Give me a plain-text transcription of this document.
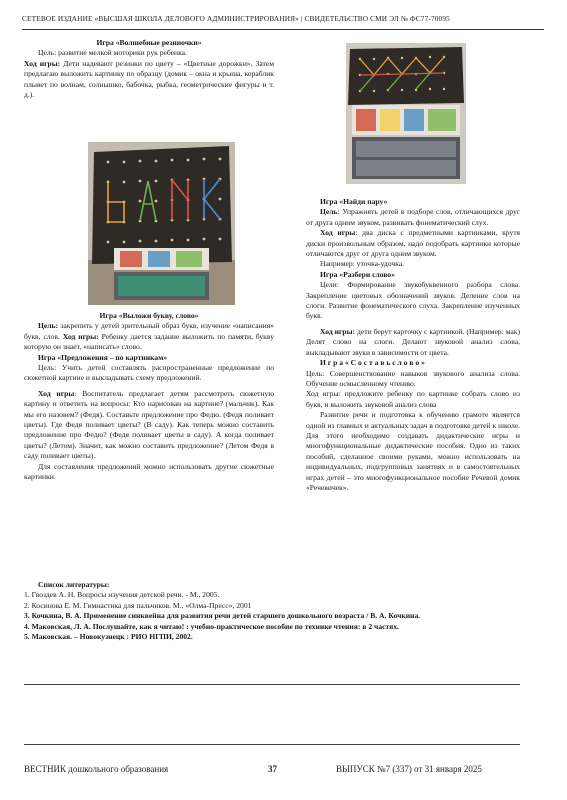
СЕТЕВОЕ ИЗДАНИЕ «ВЫСШАЯ ШКОЛА ДЕЛОВОГО АДМИНИСТРИРОВАНИЯ» | СВИДЕТЕЛЬСТВО СМИ ЭЛ № ФС77-70095

Игра «Волшебные резиночки»

Цель: развитие мелкой моторики рук ребенка.

Ход игры: Дети надевают резинки по цвету – «Цветные дорожки». Затем предлагаю выложить картинку по образцу (домик – окна и крыша, кораблик плывет по волнам, солнышко, бабочка, рыбка, геометрические фигуры и т. д.).

Игра «Выложи букву, слово»

Цель: закрепить у детей зрительный образ букв, изучение «написания» букв, слов. Ход игры: Ребенку дается задание выложить по памяти, букву которую он знает, «написать» слово.

Игра «Предложения – по картинкам»

Цель: Учить детей составлять распространенные предложение по сюжетной картине и выкладывать схему предложений.

Ход игры: Воспитатель предлагает детям рассмотреть сюжетную картину и ответить на вопросы: Кто нарисован на картине? (мальчик). Как мы его назовем? (Федя). Составьте предложение про Федю. (Федя поливает цветы). Где Федя поливает цветы? (В саду). Как теперь можно составить предложение про Федю? (Федя поливает цветы в саду). А когда поливает цветы? (Летом). Значит, как можно составить предложение? (Летом Федя в саду поливает цветы).

Для составления предложений можно использовать другие сюжетные картинки.

Игра «Найди пару»

Цель: Упражнять детей в подборе слов, отличающихся друг от друга одним звуком, развивать фонематический слух.

Ход игры: два диска с предметными картинками, крутя диски произвольным образом, надо подобрать картинки которые отличаются друг от друга одним звуком.

Например: уточка-удочка.

Игра «Разбери слово»

Цели: Формирование звукобуквенного разбора слова. Закрепление цветовых обозначений звуков. Деление слов на слоги. Развитие фонематического слуха. Закрепление изученных букв.

Ход игры: дети берут карточку с картинкой. (Например: мак) Делят слово на слоги. Делают звуковой анализ слова, выкладывают звуки в зависимости от цвета.

И г р а « С о с т а в ь с л о в о »

Цель: Совершенствование навыков звукового анализа слова. Обучение осмысленному чтению.

Ход игры: предложите ребенку по картинке собрать слово из букв, и выложить звуковой анализ слова

Развитие речи и подготовка к обучению грамоте является одной из главных и актуальных задач в подготовке детей к школе. Для этого необходимо создавать дидактические игры и многофункциональные дидактические пособия. Одно из таких пособий, сделанное своими руками, можно использовать на индивидуальных, подгрупповых занятиях и в самостоятельных играх детей – это многофункциональное пособие Речевой домик «Речевичек».

Список литературы:

1. Гвоздев А. Н. Вопросы изучения детской речи. - М., 2005.

2. Косинова Е. М. Гимнастика для пальчиков. М., «Олма-Пресс», 2001

3. Кочкина, В. А. Применение синквейна для развития речи детей старшего дошкольного возраста / В. А. Кочкина.

4. Маковская, Л. А. Послушайте, как я читаю! : учебно-практическое пособие по технике чтения: в 2 частях.

5. Маковская. – Новокузнецк : РИО НГПИ, 2002.

ВЕСТНИК дошкольного образования	37	ВЫПУСК №7 (337) от 31 января 2025
